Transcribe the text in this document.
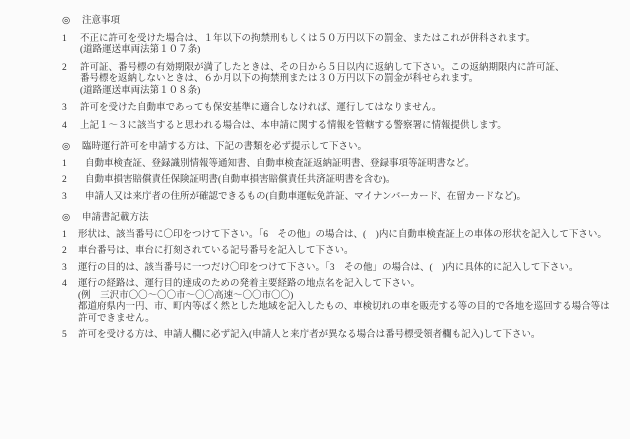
◎	注意事項
1	不正に許可を受けた場合は、１年以下の拘禁刑もしくは５０万円以下の罰金、またはこれが併科されます。
(道路運送車両法第１０７条)
2	許可証、番号標の有効期限が満了したときは、その日から５日以内に返納して下さい。この返納期限内に許可証、
番号標を返納しないときは、６か月以下の拘禁刑または３０万円以下の罰金が科せられます。
(道路運送車両法第１０８条)
3	許可を受けた自動車であっても保安基準に適合しなければ、運行してはなりません。
4	上記１～３に該当すると思われる場合は、本申請に関する情報を管轄する警察署に情報提供します。
◎	臨時運行許可を申請する方は、下記の書類を必ず提示して下さい。
1	自動車検査証、登録識別情報等通知書、自動車検査証返納証明書、登録事項等証明書など。
2	自動車損害賠償責任保険証明書(自動車損害賠償責任共済証明書を含む)。
3	申請人又は来庁者の住所が確認できるもの(自動車運転免許証、マイナンバーカード、在留カードなど)。
◎	申請書記載方法
1	形状は、該当番号に〇印をつけて下さい。「6　その他」の場合は、(　)内に自動車検査証上の車体の形状を記入して下さい。
2	車台番号は、車台に打刻されている記号番号を記入して下さい。
3	運行の目的は、該当番号に一つだけ〇印をつけて下さい。「3　その他」の場合は、(　)内に具体的に記入して下さい。
4	運行の経路は、運行目的達成のための発着主要経路の地点名を記入して下さい。
(例　三沢市〇〇～〇〇市～〇〇高速～〇〇市〇〇)
都道府県内一円、市、町内等ばく然とした地域を記入したもの、車検切れの車を販売する等の目的で各地を巡回する場合等は
許可できません。
5	許可を受ける方は、申請人欄に必ず記入(申請人と来庁者が異なる場合は番号標受領者欄も記入)して下さい。
